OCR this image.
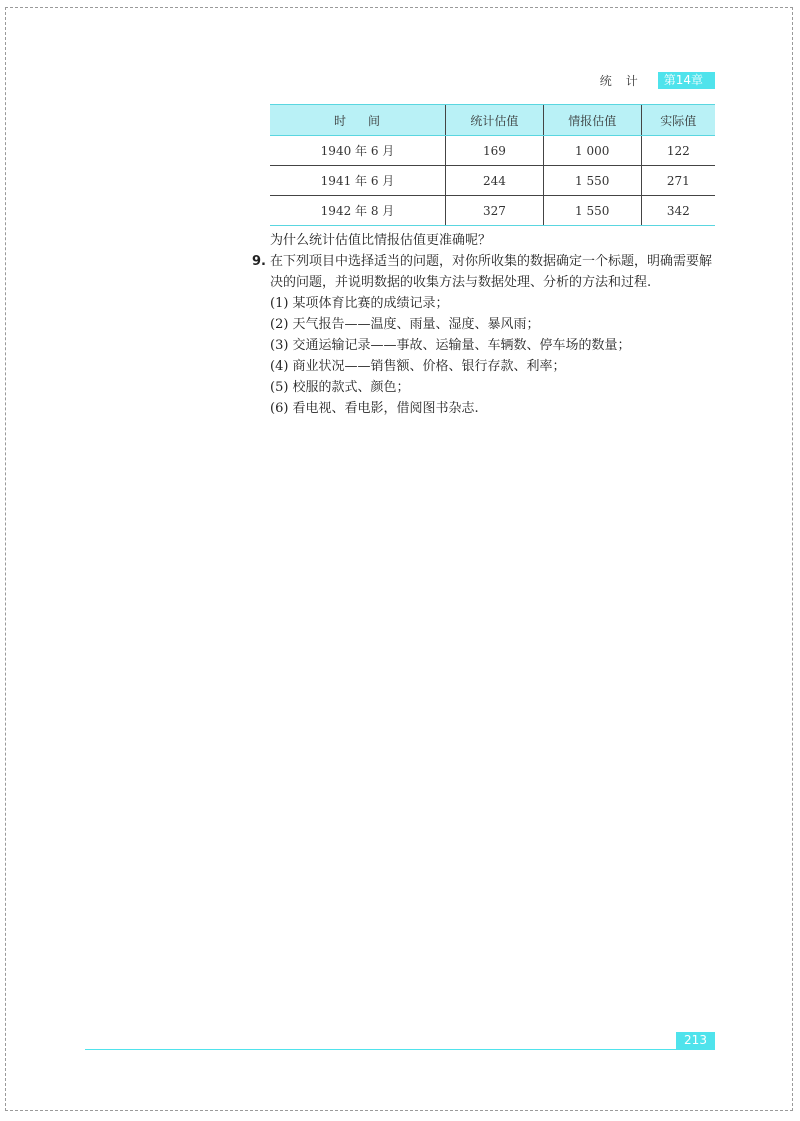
统计	第14章
时间	统计估值	情报估值	实际值
1940 年 6 月	169	1 000	122
1941 年 6 月	244	1 550	271
1942 年 8 月	327	1 550	342

为什么统计估值比情报估值更准确呢？

9. 在下列项目中选择适当的问题，对你所收集的数据确定一个标题，明确需要解决的问题，并说明数据的收集方法与数据处理、分析的方法和过程.
(1) 某项体育比赛的成绩记录；
(2) 天气报告——温度、雨量、湿度、暴风雨；
(3) 交通运输记录——事故、运输量、车辆数、停车场的数量；
(4) 商业状况——销售额、价格、银行存款、利率；
(5) 校服的款式、颜色；
(6) 看电视、看电影，借阅图书杂志.
213
